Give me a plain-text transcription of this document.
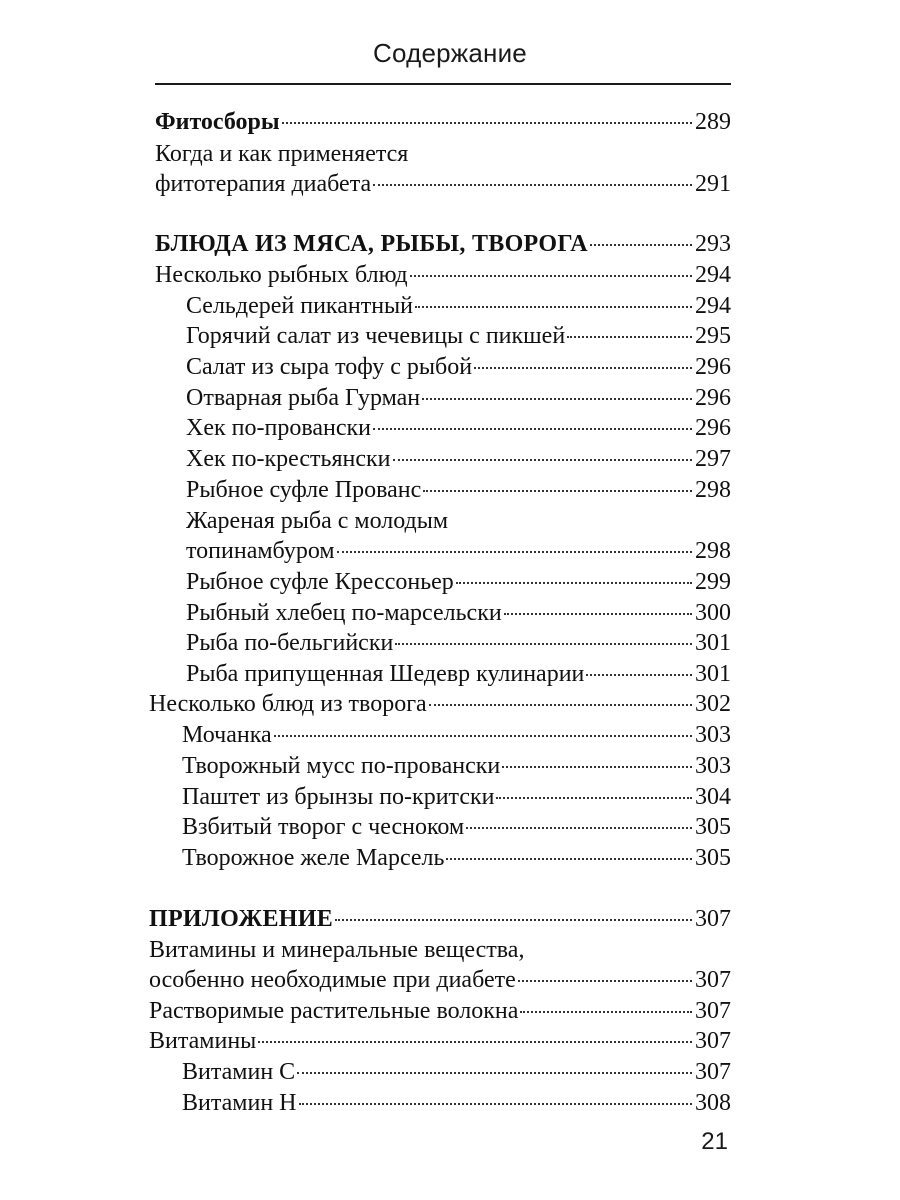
Содержание
Фитосборы	289
Когда и как применяется
фитотерапия диабета	291
БЛЮДА ИЗ МЯСА, РЫБЫ, ТВОРОГА	293
Несколько рыбных блюд	294
Сельдерей пикантный	294
Горячий салат из чечевицы с пикшей	295
Салат из сыра тофу с рыбой	296
Отварная рыба Гурман	296
Хек по-провански	296
Хек по-крестьянски	297
Рыбное суфле Прованс	298
Жареная рыба с молодым
топинамбуром	298
Рыбное суфле Крессоньер	299
Рыбный хлебец по-марсельски	300
Рыба по-бельгийски	301
Рыба припущенная Шедевр кулинарии	301
Несколько блюд из творога	302
Мочанка	303
Творожный мусс по-провански	303
Паштет из брынзы по-критски	304
Взбитый творог с чесноком	305
Творожное желе Марсель	305
ПРИЛОЖЕНИЕ	307
Витамины и минеральные вещества,
особенно необходимые при диабете	307
Растворимые растительные волокна	307
Витамины	307
Витамин С	307
Витамин Н	308
21
